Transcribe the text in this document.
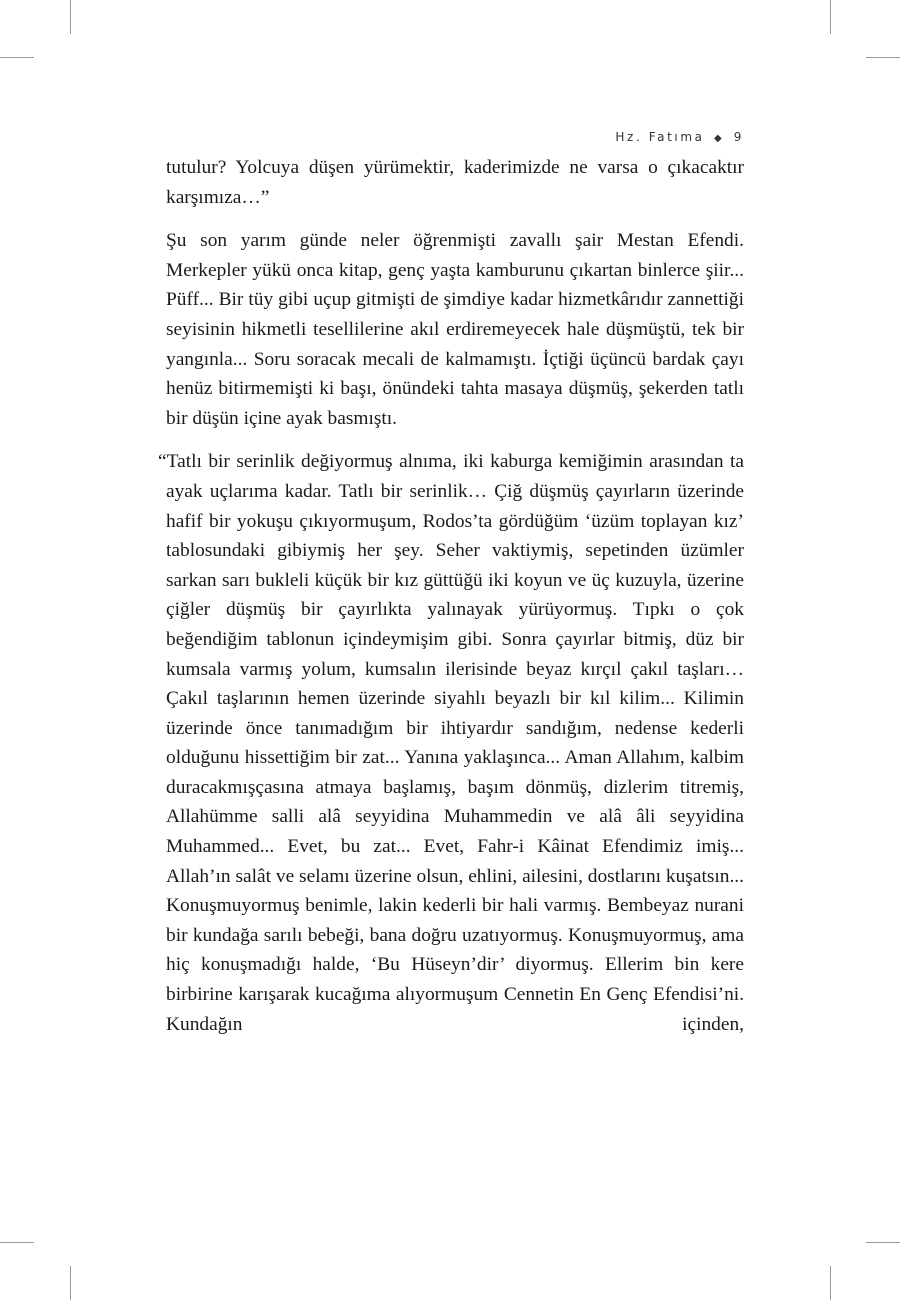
Hz. Fatıma ◆ 9

tutulur? Yolcuya düşen yürümektir, kaderimizde ne varsa o çıkacaktır karşımıza…”

Şu son yarım günde neler öğrenmişti zavallı şair Mestan Efendi. Merkepler yükü onca kitap, genç yaşta kamburunu çıkartan binlerce şiir... Püff... Bir tüy gibi uçup gitmişti de şimdiye kadar hizmetkârıdır zannettiği seyisinin hikmetli tesellilerine akıl erdiremeyecek hale düşmüştü, tek bir yangınla... Soru soracak mecali de kalmamıştı. İçtiği üçüncü bardak çayı henüz bitirmemişti ki başı, önündeki tahta masaya düşmüş, şekerden tatlı bir düşün içine ayak basmıştı.

“Tatlı bir serinlik değiyormuş alnıma, iki kaburga kemiğimin arasından ta ayak uçlarıma kadar. Tatlı bir serinlik… Çiğ düşmüş çayırların üzerinde hafif bir yokuşu çıkıyormuşum, Rodos’ta gördüğüm ‘üzüm toplayan kız’ tablosundaki gibiymiş her şey. Seher vaktiymiş, sepetinden üzümler sarkan sarı bukleli küçük bir kız güttüğü iki koyun ve üç kuzuyla, üzerine çiğler düşmüş bir çayırlıkta yalınayak yürüyormuş. Tıpkı o çok beğendiğim tablonun içindeymişim gibi. Sonra çayırlar bitmiş, düz bir kumsala varmış yolum, kumsalın ilerisinde beyaz kırçıl çakıl taşları… Çakıl taşlarının hemen üzerinde siyahlı beyazlı bir kıl kilim... Kilimin üzerinde önce tanımadığım bir ihtiyardır sandığım, nedense kederli olduğunu hissettiğim bir zat... Yanına yaklaşınca... Aman Allahım, kalbim duracakmışçasına atmaya başlamış, başım dönmüş, dizlerim titremiş, Allahümme salli alâ seyyidina Muhammedin ve alâ âli seyyidina Muhammed... Evet, bu zat... Evet, Fahr-i Kâinat Efendimiz imiş... Allah’ın salât ve selamı üzerine olsun, ehlini, ailesini, dostlarını kuşatsın... Konuşmuyormuş benimle, lakin kederli bir hali varmış. Bembeyaz nurani bir kundağa sarılı bebeği, bana doğru uzatıyormuş. Konuşmuyormuş, ama hiç konuşmadığı halde, ‘Bu Hüseyn’dir’ diyormuş. Ellerim bin kere birbirine karışarak kucağıma alıyormuşum Cennetin En Genç Efendisi’ni. Kundağın içinden,
